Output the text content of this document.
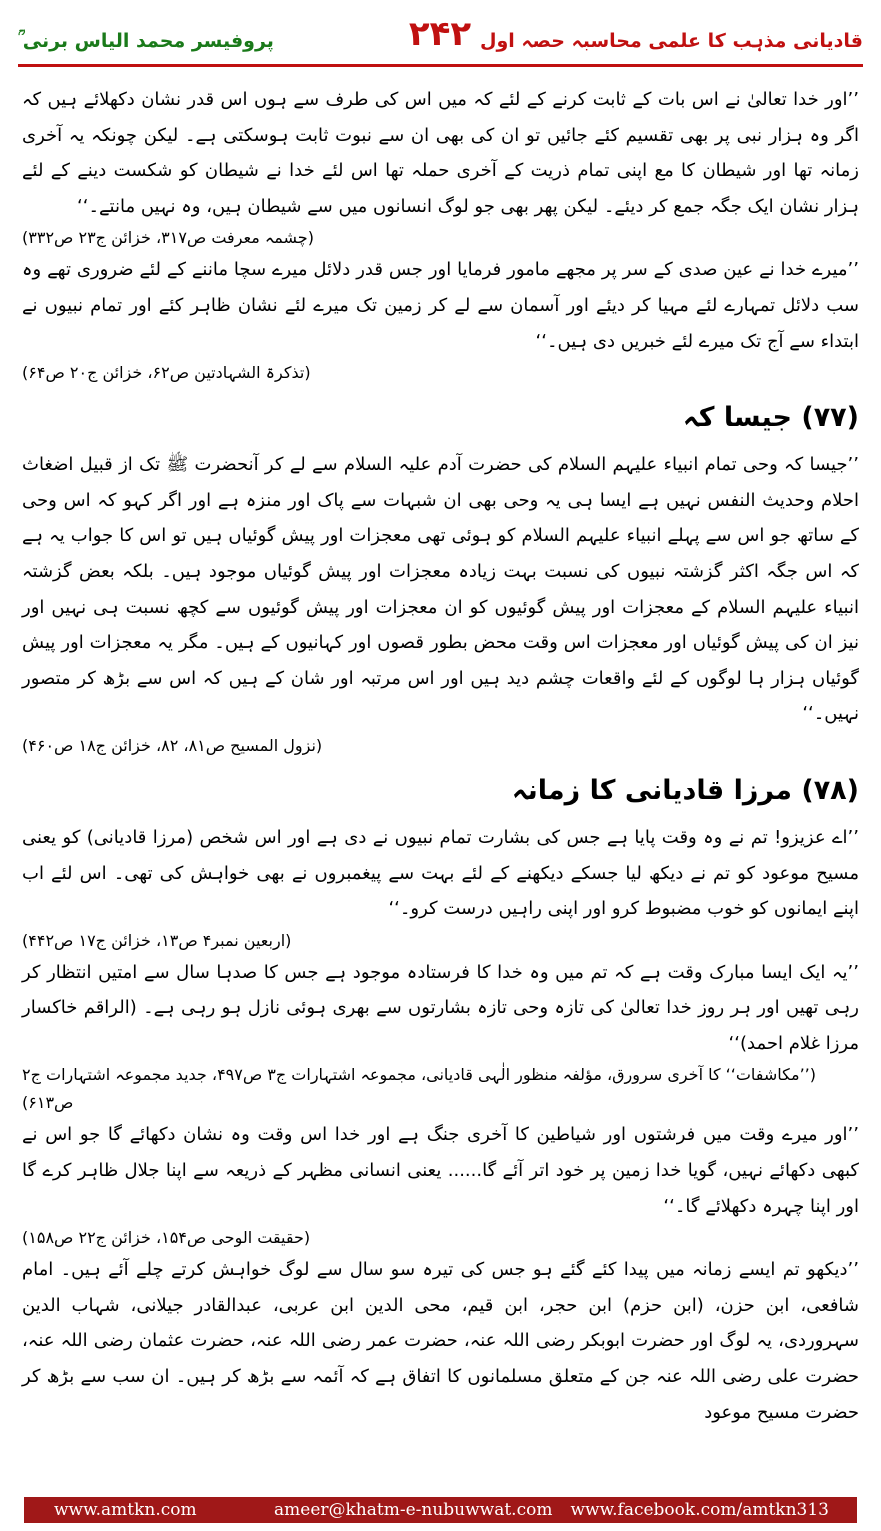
پروفیسر محمد الیاس برنی ؒ	۲۴۲ قادیانی مذہب کا علمی محاسبہ حصہ اول

’’اور خدا تعالیٰ نے اس بات کے ثابت کرنے کے لئے کہ میں اس کی طرف سے ہوں اس قدر نشان دکھلائے ہیں کہ اگر وہ ہزار نبی پر بھی تقسیم کئے جائیں تو ان کی بھی ان سے نبوت ثابت ہوسکتی ہے۔ لیکن چونکہ یہ آخری زمانہ تھا اور شیطان کا مع اپنی تمام ذریت کے آخری حملہ تھا اس لئے خدا نے شیطان کو شکست دینے کے لئے ہزار نشان ایک جگہ جمع کر دیئے۔ لیکن پھر بھی جو لوگ انسانوں میں سے شیطان ہیں، وہ نہیں مانتے۔‘‘

(چشمہ معرفت ص۳۱۷، خزائن ج۲۳ ص۳۳۲)

’’میرے خدا نے عین صدی کے سر پر مجھے مامور فرمایا اور جس قدر دلائل میرے سچا ماننے کے لئے ضروری تھے وہ سب دلائل تمہارے لئے مہیا کر دیئے اور آسمان سے لے کر زمین تک میرے لئے نشان ظاہر کئے اور تمام نبیوں نے ابتداء سے آج تک میرے لئے خبریں دی ہیں۔‘‘

(تذکرۃ الشہادتین ص۶۲، خزائن ج۲۰ ص۶۴)
(۷۷) جیسا کہ

’’جیسا کہ وحی تمام انبیاء علیہم السلام کی حضرت آدم علیہ السلام سے لے کر آنحضرت ﷺ تک از قبیل اضغاث احلام وحدیث النفس نہیں ہے ایسا ہی یہ وحی بھی ان شبہات سے پاک اور منزہ ہے اور اگر کہو کہ اس وحی کے ساتھ جو اس سے پہلے انبیاء علیہم السلام کو ہوئی تھی معجزات اور پیش گوئیاں ہیں تو اس کا جواب یہ ہے کہ اس جگہ اکثر گزشتہ نبیوں کی نسبت بہت زیادہ معجزات اور پیش گوئیاں موجود ہیں۔ بلکہ بعض گزشتہ انبیاء علیہم السلام کے معجزات اور پیش گوئیوں کو ان معجزات اور پیش گوئیوں سے کچھ نسبت ہی نہیں اور نیز ان کی پیش گوئیاں اور معجزات اس وقت محض بطور قصوں اور کہانیوں کے ہیں۔ مگر یہ معجزات اور پیش گوئیاں ہزار ہا لوگوں کے لئے واقعات چشم دید ہیں اور اس مرتبہ اور شان کے ہیں کہ اس سے بڑھ کر متصور نہیں۔‘‘

(نزول المسیح ص۸۱، ۸۲، خزائن ج۱۸ ص۴۶۰)
(۷۸) مرزا قادیانی کا زمانہ

’’اے عزیزو! تم نے وہ وقت پایا ہے جس کی بشارت تمام نبیوں نے دی ہے اور اس شخص (مرزا قادیانی) کو یعنی مسیح موعود کو تم نے دیکھ لیا جسکے دیکھنے کے لئے بہت سے پیغمبروں نے بھی خواہش کی تھی۔ اس لئے اب اپنے ایمانوں کو خوب مضبوط کرو اور اپنی راہیں درست کرو۔‘‘

(اربعین نمبر۴ ص۱۳، خزائن ج۱۷ ص۴۴۲)

’’یہ ایک ایسا مبارک وقت ہے کہ تم میں وہ خدا کا فرستادہ موجود ہے جس کا صدہا سال سے امتیں انتظار کر رہی تھیں اور ہر روز خدا تعالیٰ کی تازہ وحی تازہ بشارتوں سے بھری ہوئی نازل ہو رہی ہے۔ (الراقم خاکسار مرزا غلام احمد)‘‘

(’’مکاشفات‘‘ کا آخری سرورق، مؤلفہ منظور الٰہی قادیانی، مجموعہ اشتہارات ج۳ ص۴۹۷، جدید مجموعہ اشتہارات ج۲ ص۶۱۳)

’’اور میرے وقت میں فرشتوں اور شیاطین کا آخری جنگ ہے اور خدا اس وقت وہ نشان دکھائے گا جو اس نے کبھی دکھائے نہیں، گویا خدا زمین پر خود اتر آئے گا...... یعنی انسانی مظہر کے ذریعہ سے اپنا جلال ظاہر کرے گا اور اپنا چہرہ دکھلائے گا۔‘‘

(حقیقت الوحی ص۱۵۴، خزائن ج۲۲ ص۱۵۸)

’’دیکھو تم ایسے زمانہ میں پیدا کئے گئے ہو جس کی تیرہ سو سال سے لوگ خواہش کرتے چلے آئے ہیں۔ امام شافعی، ابن حزن، (ابن حزم) ابن حجر، ابن قیم، محی الدین ابن عربی، عبدالقادر جیلانی، شہاب الدین سہروردی، یہ لوگ اور حضرت ابوبکر رضی اللہ عنہ، حضرت عمر رضی اللہ عنہ، حضرت عثمان رضی اللہ عنہ، حضرت علی رضی اللہ عنہ جن کے متعلق مسلمانوں کا اتفاق ہے کہ آئمہ سے بڑھ کر ہیں۔ ان سب سے بڑھ کر حضرت مسیح موعود

www.amtkn.com	ameer@khatm-e-nubuwwat.com www.facebook.com/amtkn313
